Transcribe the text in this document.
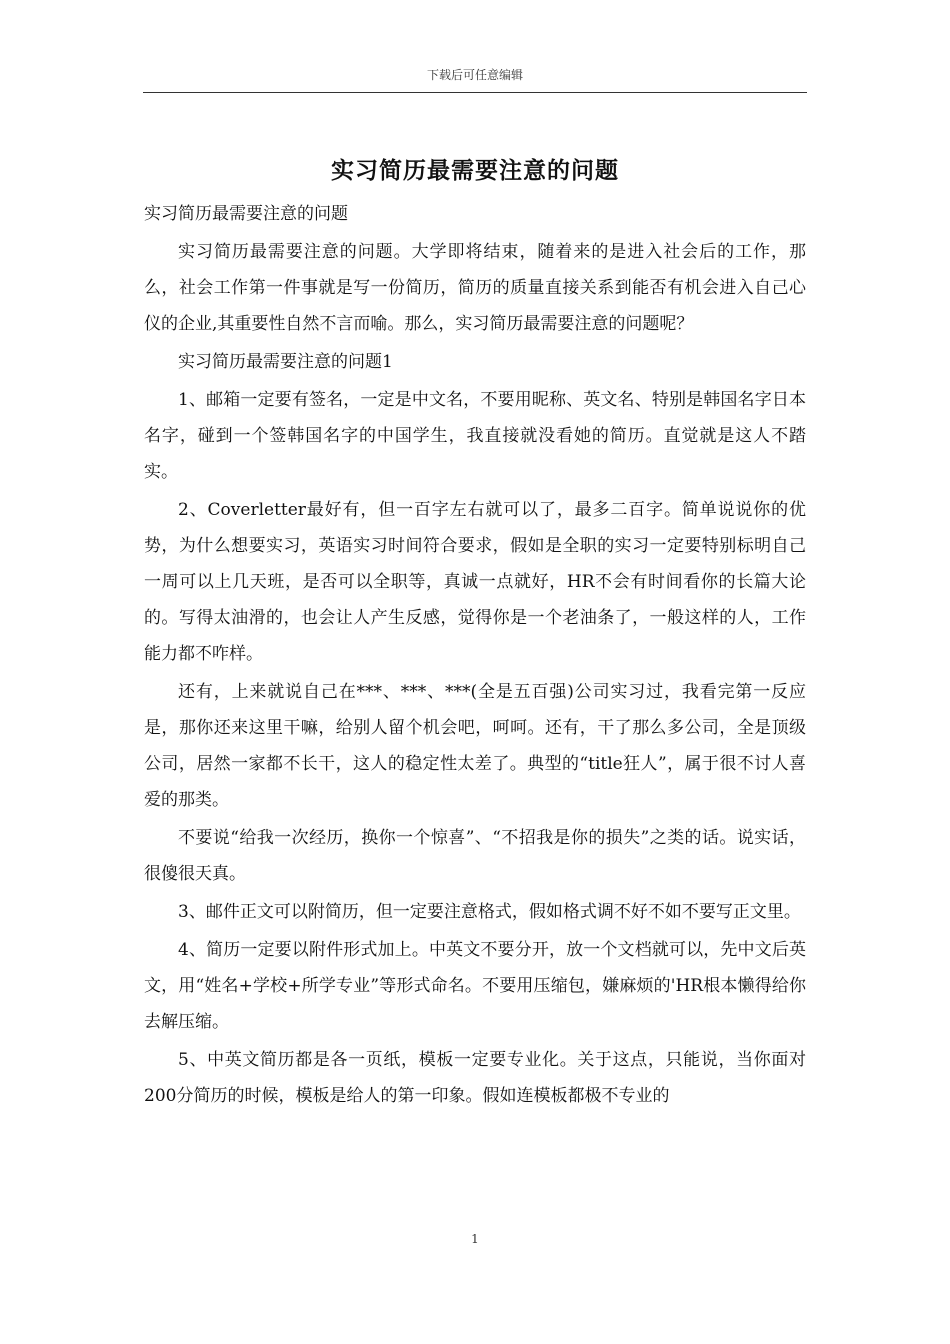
下载后可任意编辑
实习简历最需要注意的问题

实习简历最需要注意的问题

实习简历最需要注意的问题。大学即将结束，随着来的是进入社会后的工作，那么，社会工作第一件事就是写一份简历，简历的质量直接关系到能否有机会进入自己心仪的企业,其重要性自然不言而喻。那么，实习简历最需要注意的问题呢？

实习简历最需要注意的问题1

1、邮箱一定要有签名，一定是中文名，不要用昵称、英文名、特别是韩国名字日本名字，碰到一个签韩国名字的中国学生，我直接就没看她的简历。直觉就是这人不踏实。

2、Coverletter最好有，但一百字左右就可以了，最多二百字。简单说说你的优势，为什么想要实习，英语实习时间符合要求，假如是全职的实习一定要特别标明自己一周可以上几天班，是否可以全职等，真诚一点就好，HR不会有时间看你的长篇大论的。写得太油滑的，也会让人产生反感，觉得你是一个老油条了，一般这样的人，工作能力都不咋样。

还有，上来就说自己在***、***、***(全是五百强)公司实习过，我看完第一反应是，那你还来这里干嘛，给别人留个机会吧，呵呵。还有，干了那么多公司，全是顶级公司，居然一家都不长干，这人的稳定性太差了。典型的“title狂人”，属于很不讨人喜爱的那类。

不要说“给我一次经历，换你一个惊喜”、“不招我是你的损失”之类的话。说实话，很傻很天真。

3、邮件正文可以附简历，但一定要注意格式，假如格式调不好不如不要写正文里。

4、简历一定要以附件形式加上。中英文不要分开，放一个文档就可以，先中文后英文，用“姓名+学校+所学专业”等形式命名。不要用压缩包，嫌麻烦的'HR根本懒得给你去解压缩。

5、中英文简历都是各一页纸，模板一定要专业化。关于这点，只能说，当你面对200分简历的时候，模板是给人的第一印象。假如连模板都极不专业的

1
